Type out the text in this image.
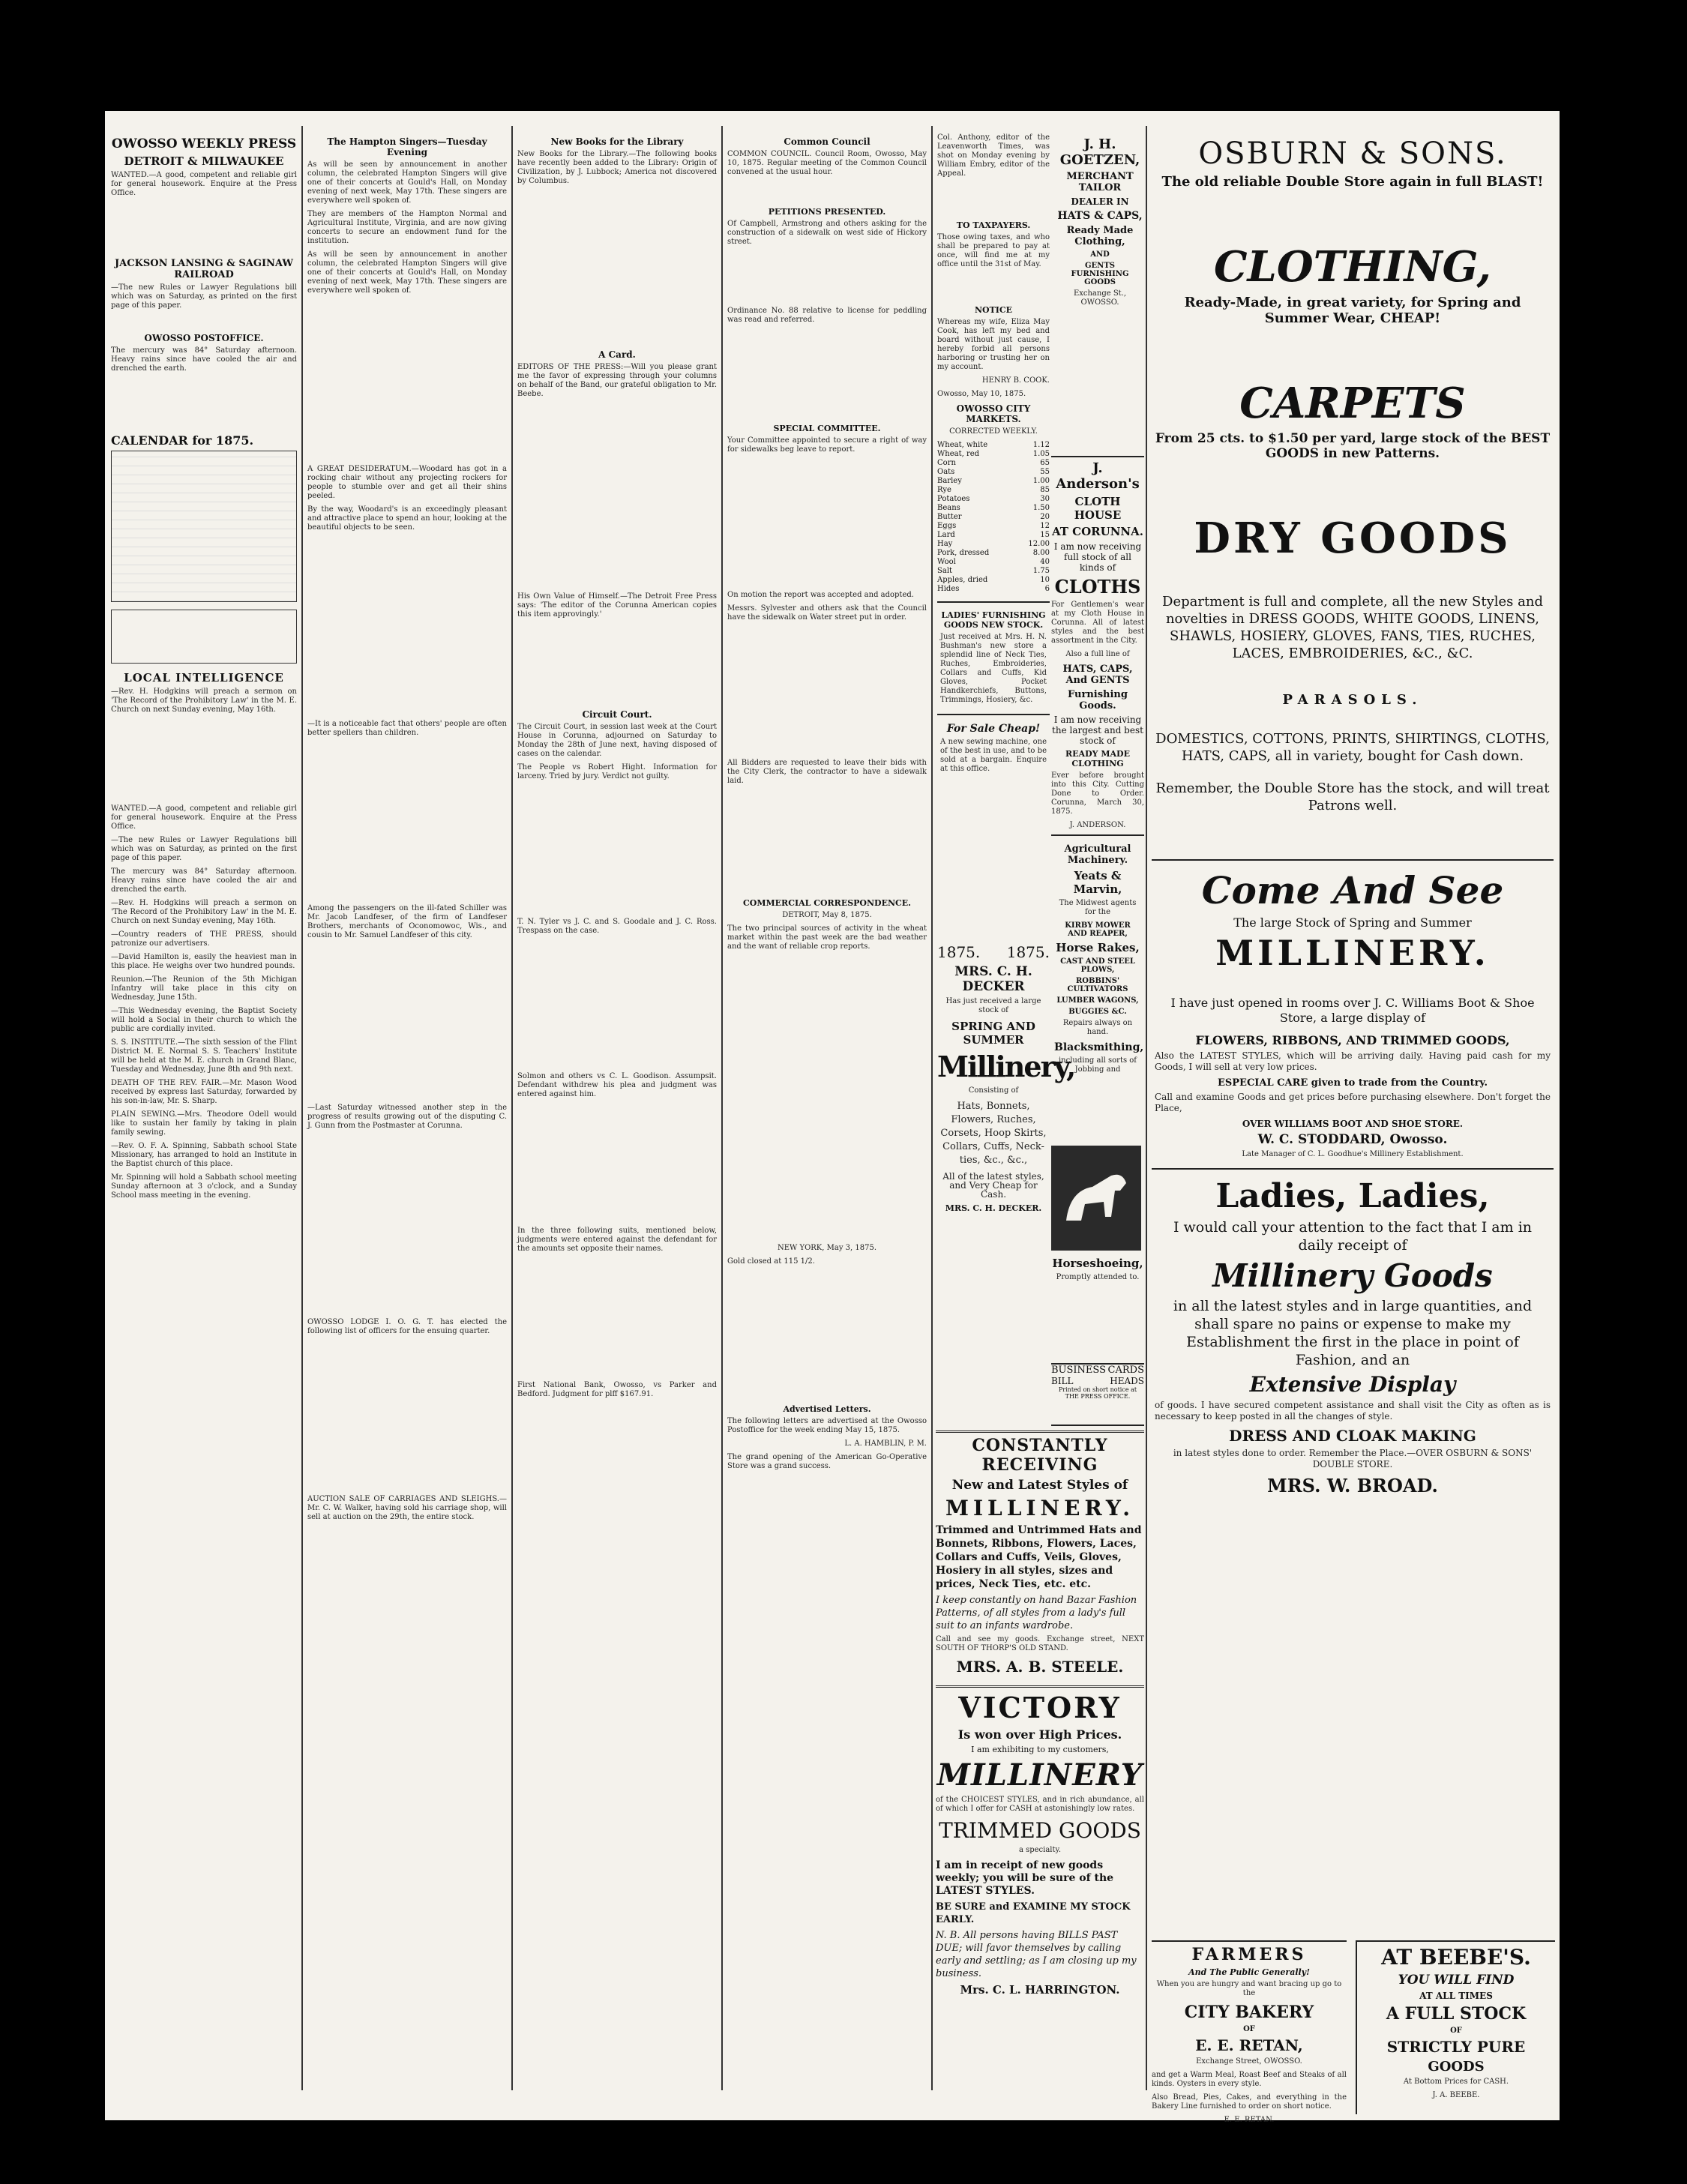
OWOSSO WEEKLY PRESS
DETROIT & MILWAUKEE

WANTED.—A good, competent and reliable girl for general housework. Enquire at the Press Office.

JACKSON LANSING & SAGINAW RAILROAD

—The new Rules or Lawyer Regulations bill which was on Saturday, as printed on the first page of this paper.

OWOSSO POSTOFFICE.

The mercury was 84° Saturday afternoon. Heavy rains since have cooled the air and drenched the earth.

CALENDAR for 1875.
LOCAL INTELLIGENCE

—Rev. H. Hodgkins will preach a sermon on 'The Record of the Prohibitory Law' in the M. E. Church on next Sunday evening, May 16th.

WANTED.—A good, competent and reliable girl for general housework. Enquire at the Press Office.

—The new Rules or Lawyer Regulations bill which was on Saturday, as printed on the first page of this paper.

The mercury was 84° Saturday afternoon. Heavy rains since have cooled the air and drenched the earth.

—Rev. H. Hodgkins will preach a sermon on 'The Record of the Prohibitory Law' in the M. E. Church on next Sunday evening, May 16th.

—Country readers of THE PRESS, should patronize our advertisers.

—David Hamilton is, easily the heaviest man in this place. He weighs over two hundred pounds.

Reunion.—The Reunion of the 5th Michigan Infantry will take place in this city on Wednesday, June 15th.

—This Wednesday evening, the Baptist Society will hold a Social in their church to which the public are cordially invited.

S. S. INSTITUTE.—The sixth session of the Flint District M. E. Normal S. S. Teachers' Institute will be held at the M. E. church in Grand Blanc, Tuesday and Wednesday, June 8th and 9th next.

DEATH OF THE REV. FAIR.—Mr. Mason Wood received by express last Saturday, forwarded by his son-in-law, Mr. S. Sharp.

PLAIN SEWING.—Mrs. Theodore Odell would like to sustain her family by taking in plain family sewing.

—Rev. O. F. A. Spinning, Sabbath school State Missionary, has arranged to hold an Institute in the Baptist church of this place.

Mr. Spinning will hold a Sabbath school meeting Sunday afternoon at 3 o'clock, and a Sunday School mass meeting in the evening.

The Hampton Singers—Tuesday Evening

As will be seen by announcement in another column, the celebrated Hampton Singers will give one of their concerts at Gould's Hall, on Monday evening of next week, May 17th. These singers are everywhere well spoken of.

They are members of the Hampton Normal and Agricultural Institute, Virginia, and are now giving concerts to secure an endowment fund for the institution.

As will be seen by announcement in another column, the celebrated Hampton Singers will give one of their concerts at Gould's Hall, on Monday evening of next week, May 17th. These singers are everywhere well spoken of.

A GREAT DESIDERATUM.—Woodard has got in a rocking chair without any projecting rockers for people to stumble over and get all their shins peeled.

By the way, Woodard's is an exceedingly pleasant and attractive place to spend an hour, looking at the beautiful objects to be seen.

—It is a noticeable fact that others' people are often better spellers than children.

Among the passengers on the ill-fated Schiller was Mr. Jacob Landfeser, of the firm of Landfeser Brothers, merchants of Oconomowoc, Wis., and cousin to Mr. Samuel Landfeser of this city.

—Last Saturday witnessed another step in the progress of results growing out of the disputing C. J. Gunn from the Postmaster at Corunna.

OWOSSO LODGE I. O. G. T. has elected the following list of officers for the ensuing quarter.

AUCTION SALE OF CARRIAGES AND SLEIGHS.—Mr. C. W. Walker, having sold his carriage shop, will sell at auction on the 29th, the entire stock.

New Books for the Library

New Books for the Library.—The following books have recently been added to the Library: Origin of Civilization, by J. Lubbock; America not discovered by Columbus.

A Card.

EDITORS OF THE PRESS:—Will you please grant me the favor of expressing through your columns on behalf of the Band, our grateful obligation to Mr. Beebe.

His Own Value of Himself.—The Detroit Free Press says: 'The editor of the Corunna American copies this item approvingly.'

Circuit Court.

The Circuit Court, in session last week at the Court House in Corunna, adjourned on Saturday to Monday the 28th of June next, having disposed of cases on the calendar.

The People vs Robert Hight. Information for larceny. Tried by jury. Verdict not guilty.

T. N. Tyler vs J. C. and S. Goodale and J. C. Ross. Trespass on the case.

Solmon and others vs C. L. Goodison. Assumpsit. Defendant withdrew his plea and judgment was entered against him.

In the three following suits, mentioned below, judgments were entered against the defendant for the amounts set opposite their names.

First National Bank, Owosso, vs Parker and Bedford. Judgment for plff $167.91.

Common Council

COMMON COUNCIL. Council Room, Owosso, May 10, 1875. Regular meeting of the Common Council convened at the usual hour.

PETITIONS PRESENTED.

Of Campbell, Armstrong and others asking for the construction of a sidewalk on west side of Hickory street.

Ordinance No. 88 relative to license for peddling was read and referred.

SPECIAL COMMITTEE.

Your Committee appointed to secure a right of way for sidewalks beg leave to report.

On motion the report was accepted and adopted.

Messrs. Sylvester and others ask that the Council have the sidewalk on Water street put in order.

All Bidders are requested to leave their bids with the City Clerk, the contractor to have a sidewalk laid.

COMMERCIAL CORRESPONDENCE.
DETROIT, May 8, 1875.

The two principal sources of activity in the wheat market within the past week are the bad weather and the want of reliable crop reports.

NEW YORK, May 3, 1875.

Gold closed at 115 1/2.

Advertised Letters.

The following letters are advertised at the Owosso Postoffice for the week ending May 15, 1875.

L. A. HAMBLIN, P. M.

The grand opening of the American Go-Operative Store was a grand success.

Col. Anthony, editor of the Leavenworth Times, was shot on Monday evening by William Embry, editor of the Appeal.

TO TAXPAYERS.

Those owing taxes, and who shall be prepared to pay at once, will find me at my office until the 31st of May.

NOTICE

Whereas my wife, Eliza May Cook, has left my bed and board without just cause, I hereby forbid all persons harboring or trusting her on my account.

HENRY B. COOK.

Owosso, May 10, 1875.

OWOSSO CITY MARKETS.
CORRECTED WEEKLY.
Wheat, white	1.12
Wheat, red	1.05
Corn	65
Oats	55
Barley	1.00
Rye	85
Potatoes	30
Beans	1.50
Butter	20
Eggs	12
Lard	15
Hay	12.00
Pork, dressed	8.00
Wool	40
Salt	1.75
Apples, dried	10
Hides	6
LADIES' FURNISHING GOODS NEW STOCK.

Just received at Mrs. H. N. Bushman's new store a splendid line of Neck Ties, Ruches, Embroideries, Collars and Cuffs, Kid Gloves, Pocket Handkerchiefs, Buttons, Trimmings, Hosiery, &c.

For Sale Cheap!

A new sewing machine, one of the best in use, and to be sold at a bargain. Enquire at this office.

1875. 1875.
MRS. C. H. DECKER
Has just received a large stock of
SPRING AND SUMMER
Millinery,
Consisting of

Hats, Bonnets, Flowers, Ruches, Corsets, Hoop Skirts, Collars, Cuffs, Neck-ties, &c., &c.,

All of the latest styles, and Very Cheap for Cash.

MRS. C. H. DECKER.
J. H. GOETZEN,
MERCHANT TAILOR
DEALER IN
HATS & CAPS,
Ready Made Clothing,
AND
GENTS FURNISHING GOODS
Exchange St., OWOSSO.
J. Anderson's
CLOTH HOUSE
AT CORUNNA.
I am now receiving full stock of all kinds of
CLOTHS

For Gentlemen's wear at my Cloth House in Corunna. All of latest styles and the best assortment in the City.

Also a full line of
HATS, CAPS, And GENTS
Furnishing Goods.
I am now receiving the largest and best stock of
READY MADE CLOTHING

Ever before brought into this City. Cutting Done to Order. Corunna, March 30, 1875.

J. ANDERSON.
Agricultural Machinery.
Yeats & Marvin,
The Midwest agents for the
KIRBY MOWER AND REAPER,
Horse Rakes,
CAST AND STEEL PLOWS,
ROBBINS' CULTIVATORS
LUMBER WAGONS,
BUGGIES &C.
Repairs always on hand.
Blacksmithing,
including all sorts of Jobbing and
Horseshoeing,
Promptly attended to.
BUSINESS CARDS
BILL	HEADS
Printed on short notice at THE PRESS OFFICE.
CONSTANTLY RECEIVING
New and Latest Styles of
MILLINERY.

Trimmed and Untrimmed Hats and Bonnets, Ribbons, Flowers, Laces, Collars and Cuffs, Veils, Gloves, Hosiery in all styles, sizes and prices, Neck Ties, etc. etc.

I keep constantly on hand Bazar Fashion Patterns, of all styles from a lady's full suit to an infants wardrobe.

Call and see my goods. Exchange street, NEXT SOUTH OF THORP'S OLD STAND.

MRS. A. B. STEELE.
VICTORY
Is won over High Prices.
I am exhibiting to my customers,
MILLINERY

of the CHOICEST STYLES, and in rich abundance, all of which I offer for CASH at astonishingly low rates.

TRIMMED GOODS
a specialty.

I am in receipt of new goods weekly; you will be sure of the LATEST STYLES.

BE SURE and EXAMINE MY STOCK EARLY.

N. B. All persons having BILLS PAST DUE; will favor themselves by calling early and settling; as I am closing up my business.

Mrs. C. L. HARRINGTON.
OSBURN & SONS.
The old reliable Double Store again in full BLAST!
CLOTHING,
Ready-Made, in great variety, for Spring and Summer Wear, CHEAP!
CARPETS
From 25 cts. to $1.50 per yard, large stock of the BEST GOODS in new Patterns.
DRY GOODS

Department is full and complete, all the new Styles and novelties in DRESS GOODS, WHITE GOODS, LINENS, SHAWLS, HOSIERY, GLOVES, FANS, TIES, RUCHES, LACES, EMBROIDERIES, &C., &C.

PARASOLS.

DOMESTICS, COTTONS, PRINTS, SHIRTINGS, CLOTHS, HATS, CAPS, all in variety, bought for Cash down.

Remember, the Double Store has the stock, and will treat Patrons well.

Come And See
The large Stock of Spring and Summer
MILLINERY.

I have just opened in rooms over J. C. Williams Boot & Shoe Store, a large display of

FLOWERS, RIBBONS, AND TRIMMED GOODS,

Also the LATEST STYLES, which will be arriving daily. Having paid cash for my Goods, I will sell at very low prices.

ESPECIAL CARE given to trade from the Country.

Call and examine Goods and get prices before purchasing elsewhere. Don't forget the Place,

OVER WILLIAMS BOOT AND SHOE STORE.
W. C. STODDARD, Owosso.
Late Manager of C. L. Goodhue's Millinery Establishment.
Ladies, Ladies,

I would call your attention to the fact that I am in daily receipt of

Millinery Goods

in all the latest styles and in large quantities, and shall spare no pains or expense to make my Establishment the first in the place in point of Fashion, and an

Extensive Display

of goods. I have secured competent assistance and shall visit the City as often as is necessary to keep posted in all the changes of style.

DRESS AND CLOAK MAKING

in latest styles done to order. Remember the Place.—OVER OSBURN & SONS' DOUBLE STORE.

MRS. W. BROAD.
FARMERS
And The Public Generally!
When you are hungry and want bracing up go to the
CITY BAKERY
OF
E. E. RETAN,
Exchange Street, OWOSSO.

and get a Warm Meal, Roast Beef and Steaks of all kinds. Oysters in every style.

Also Bread, Pies, Cakes, and everything in the Bakery Line furnished to order on short notice.

E. E. RETAN.
AT BEEBE'S.
YOU WILL FIND
AT ALL TIMES
A FULL STOCK
OF
STRICTLY PURE
GOODS
At Bottom Prices for CASH.
J. A. BEEBE.
